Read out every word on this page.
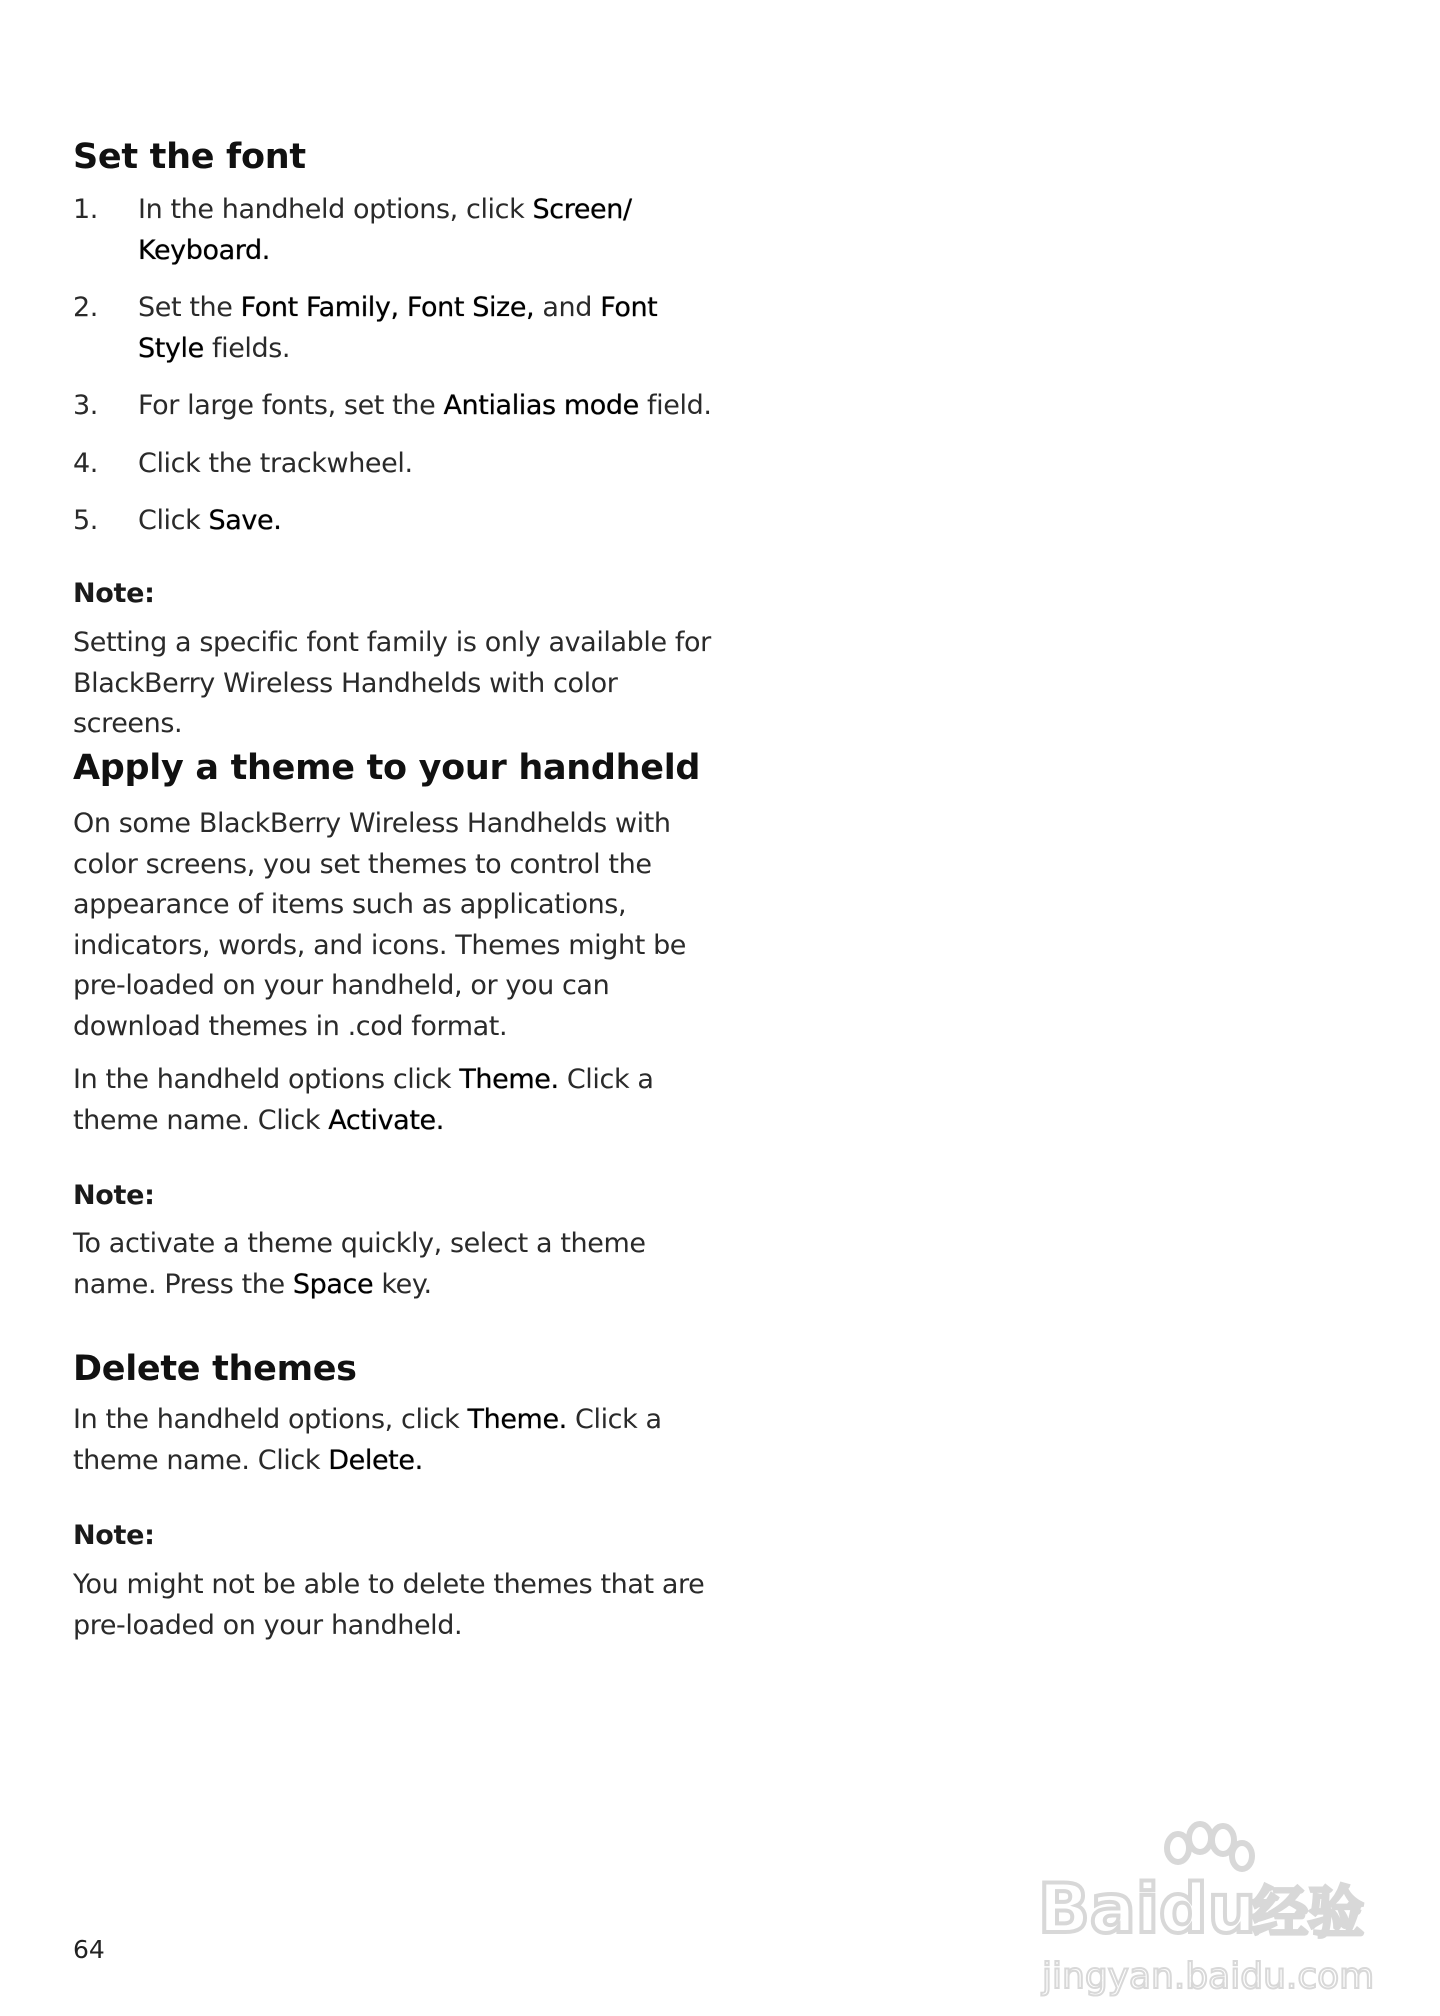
Set the font
1.	In the handheld options, click Screen/ Keyboard.
2.	Set the Font Family, Font Size, and Font Style fields.
3.	For large fonts, set the Antialias mode field.
4.	Click the trackwheel.
5.	Click Save.
Note:

Setting a specific font family is only available for BlackBerry Wireless Handhelds with color screens.

Apply a theme to your handheld

On some BlackBerry Wireless Handhelds with color screens, you set themes to control the appearance of items such as applications, indicators, words, and icons. Themes might be pre-loaded on your handheld, or you can download themes in .cod format.

In the handheld options click Theme. Click a theme name. Click Activate.

Note:

To activate a theme quickly, select a theme name. Press the Space key.

Delete themes

In the handheld options, click Theme. Click a theme name. Click Delete.

Note:

You might not be able to delete themes that are pre-loaded on your handheld.

64
Baidu
经验
jingyan.baidu.com
